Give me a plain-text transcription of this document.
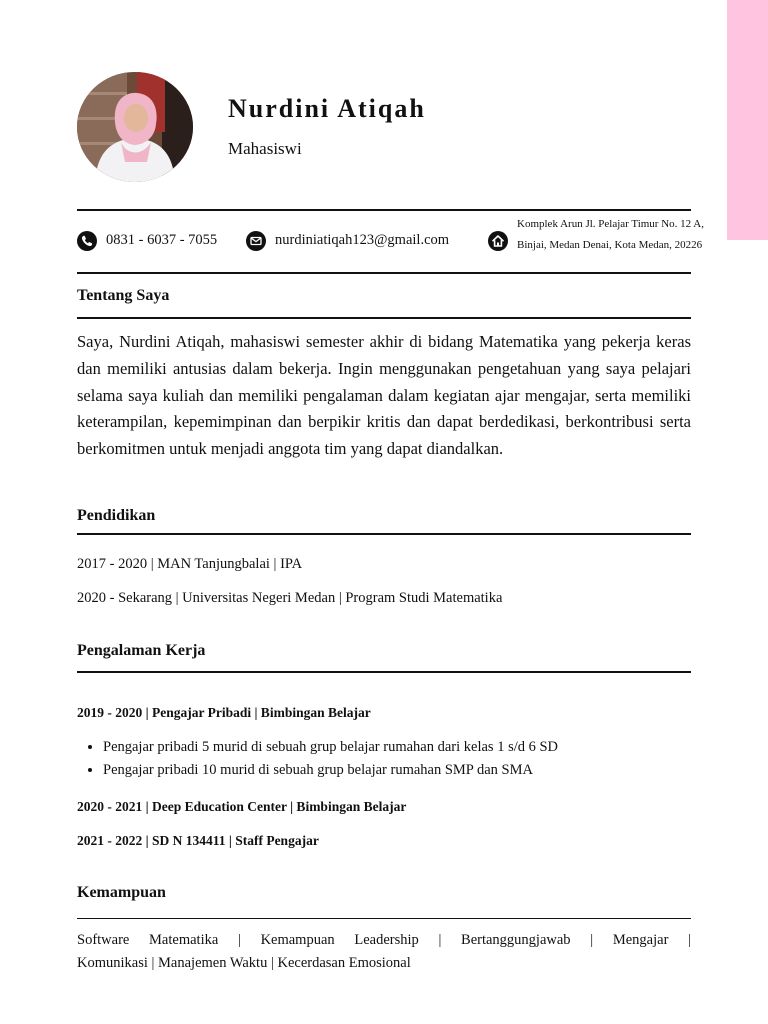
Nurdini Atiqah
Mahasiswi
0831 - 6037 - 7055	nurdiniatiqah123@gmail.com
Komplek Arun Jl. Pelajar Timur No. 12 A, Binjai, Medan Denai, Kota Medan, 20226
Tentang Saya

Saya, Nurdini Atiqah, mahasiswi semester akhir di bidang Matematika yang pekerja keras dan memiliki antusias dalam bekerja. Ingin menggunakan pengetahuan yang saya pelajari selama saya kuliah dan memiliki pengalaman dalam kegiatan ajar mengajar, serta memiliki keterampilan, kepemimpinan dan berpikir kritis dan dapat berdedikasi, berkontribusi serta berkomitmen untuk menjadi anggota tim yang dapat diandalkan.

Pendidikan
2017 - 2020 | MAN Tanjungbalai | IPA
2020 - Sekarang | Universitas Negeri Medan | Program Studi Matematika
Pengalaman Kerja
2019 - 2020 | Pengajar Pribadi | Bimbingan Belajar
• Pengajar pribadi 5 murid di sebuah grup belajar rumahan dari kelas 1 s/d 6 SD
• Pengajar pribadi 10 murid di sebuah grup belajar rumahan SMP dan SMA
2020 - 2021 | Deep Education Center | Bimbingan Belajar
2021 - 2022 | SD N 134411 | Staff Pengajar
Kemampuan

Software Matematika | Kemampuan Leadership | Bertanggungjawab | Mengajar |
Komunikasi | Manajemen Waktu | Kecerdasan Emosional
